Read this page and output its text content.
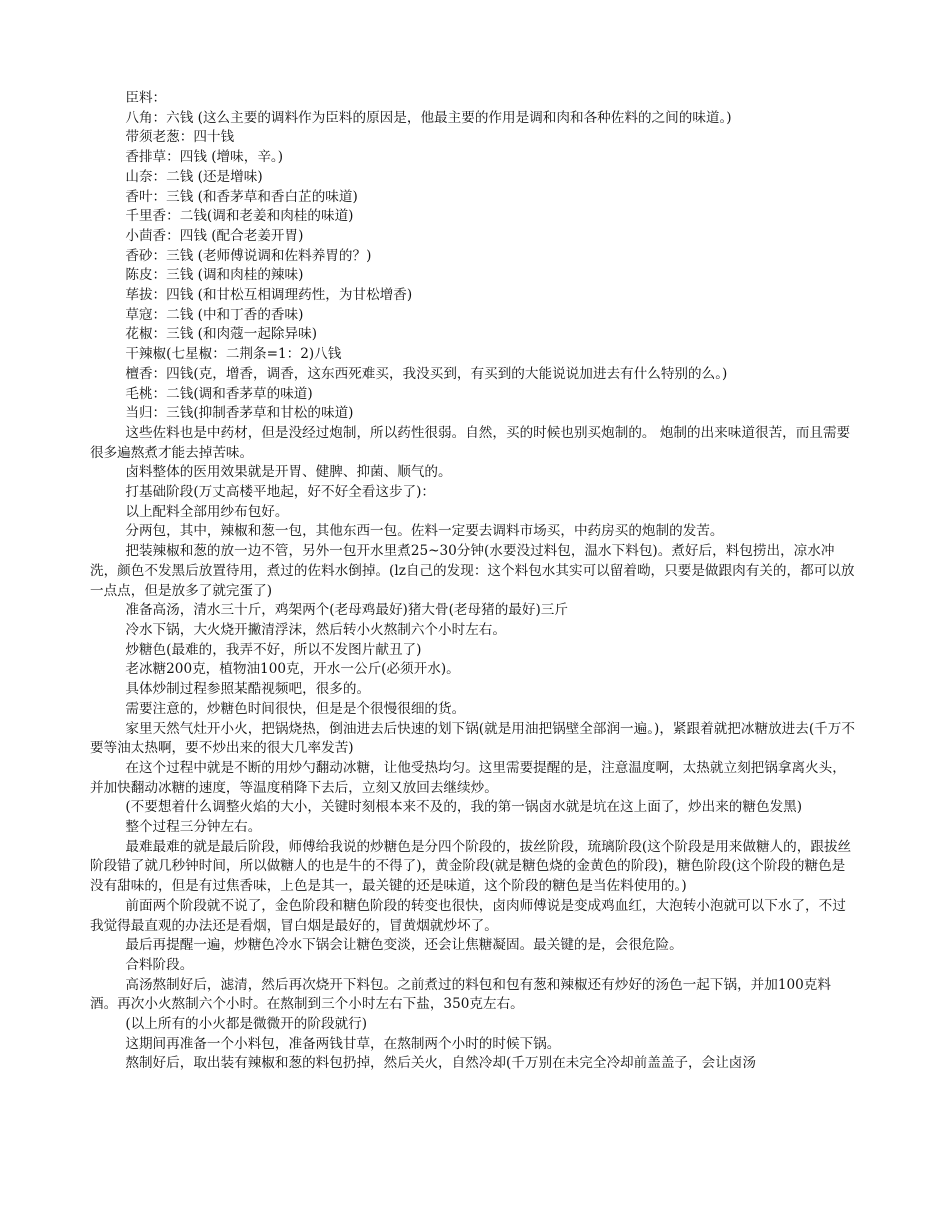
臣料：

八角：六钱 (这么主要的调料作为臣料的原因是，他最主要的作用是调和肉和各种佐料的之间的味道。)

带须老葱：四十钱

香排草：四钱 (增味，辛。)

山奈：二钱 (还是增味)

香叶：三钱 (和香茅草和香白芷的味道)

千里香：二钱(调和老姜和肉桂的味道)

小茴香：四钱 (配合老姜开胃)

香砂：三钱 (老师傅说调和佐料养胃的？)

陈皮：三钱 (调和肉桂的辣味)

荜拔：四钱 (和甘松互相调理药性，为甘松增香)

草寇：二钱 (中和丁香的香味)

花椒：三钱 (和肉蔻一起除异味)

干辣椒(七星椒：二荆条=1：2)八钱

檀香：四钱(克，增香，调香，这东西死难买，我没买到，有买到的大能说说加进去有什么特别的么。)

毛桃：二钱(调和香茅草的味道)

当归：三钱(抑制香茅草和甘松的味道)

这些佐料也是中药材，但是没经过炮制，所以药性很弱。自然，买的时候也别买炮制的。 炮制的出来味道很苦，而且需要很多遍熬煮才能去掉苦味。

卤料整体的医用效果就是开胃、健脾、抑菌、顺气的。

打基础阶段(万丈高楼平地起，好不好全看这步了)：

以上配料全部用纱布包好。

分两包，其中，辣椒和葱一包，其他东西一包。佐料一定要去调料市场买，中药房买的炮制的发苦。

把装辣椒和葱的放一边不管，另外一包开水里煮25~30分钟(水要没过料包，温水下料包)。煮好后，料包捞出，凉水冲洗，颜色不发黑后放置待用，煮过的佐料水倒掉。(lz自己的发现：这个料包水其实可以留着呦，只要是做跟肉有关的，都可以放一点点，但是放多了就完蛋了)

准备高汤，清水三十斤，鸡架两个(老母鸡最好)猪大骨(老母猪的最好)三斤

冷水下锅，大火烧开撇清浮沫，然后转小火熬制六个小时左右。

炒糖色(最难的，我弄不好，所以不发图片献丑了)

老冰糖200克，植物油100克，开水一公斤(必须开水)。

具体炒制过程参照某酷视频吧，很多的。

需要注意的，炒糖色时间很快，但是是个很慢很细的货。

家里天然气灶开小火，把锅烧热，倒油进去后快速的划下锅(就是用油把锅壁全部润一遍。)，紧跟着就把冰糖放进去(千万不要等油太热啊，要不炒出来的很大几率发苦)

在这个过程中就是不断的用炒勺翻动冰糖，让他受热均匀。这里需要提醒的是，注意温度啊，太热就立刻把锅拿离火头，并加快翻动冰糖的速度，等温度稍降下去后，立刻又放回去继续炒。

(不要想着什么调整火焰的大小，关键时刻根本来不及的，我的第一锅卤水就是坑在这上面了，炒出来的糖色发黑)

整个过程三分钟左右。

最难最难的就是最后阶段，师傅给我说的炒糖色是分四个阶段的，拔丝阶段，琉璃阶段(这个阶段是用来做糖人的，跟拔丝阶段错了就几秒钟时间，所以做糖人的也是牛的不得了)，黄金阶段(就是糖色烧的金黄色的阶段)，糖色阶段(这个阶段的糖色是没有甜味的，但是有过焦香味，上色是其一，最关键的还是味道，这个阶段的糖色是当佐料使用的。)

前面两个阶段就不说了，金色阶段和糖色阶段的转变也很快，卤肉师傅说是变成鸡血红，大泡转小泡就可以下水了，不过我觉得最直观的办法还是看烟，冒白烟是最好的，冒黄烟就炒坏了。

最后再提醒一遍，炒糖色冷水下锅会让糖色变淡，还会让焦糖凝固。最关键的是，会很危险。

合料阶段。

高汤熬制好后，滤清，然后再次烧开下料包。之前煮过的料包和包有葱和辣椒还有炒好的汤色一起下锅，并加100克料酒。再次小火熬制六个小时。在熬制到三个小时左右下盐，350克左右。

(以上所有的小火都是微微开的阶段就行)

这期间再准备一个小料包，准备两钱甘草，在熬制两个小时的时候下锅。

熬制好后，取出装有辣椒和葱的料包扔掉，然后关火，自然冷却(千万别在未完全冷却前盖盖子，会让卤汤
